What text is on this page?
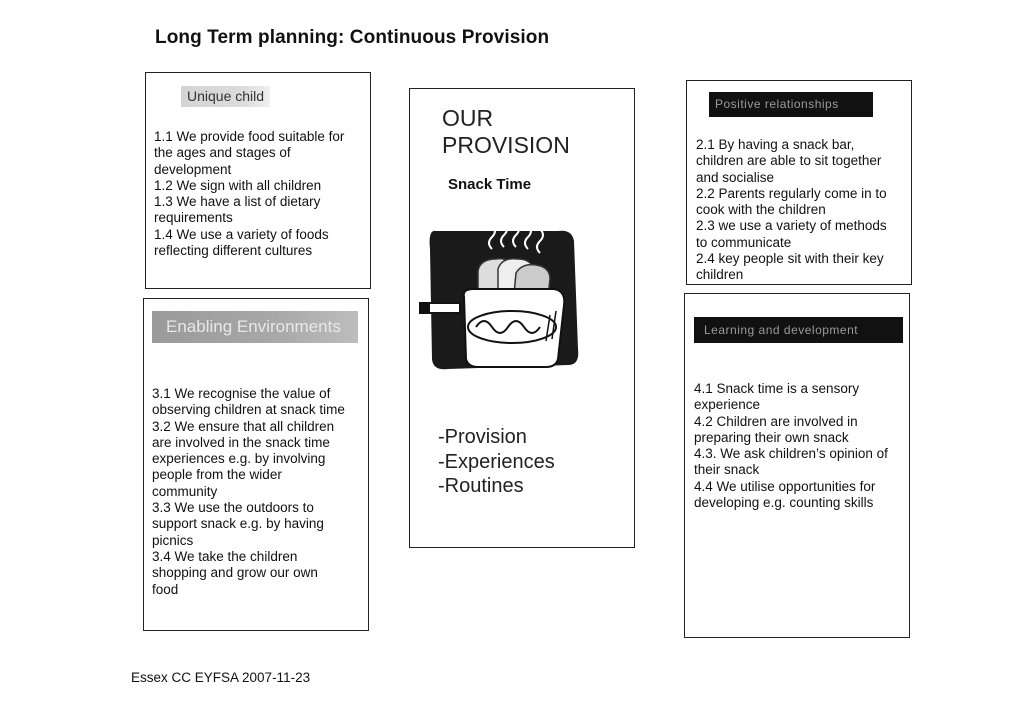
Long Term planning: Continuous Provision
Unique child

1.1 We provide food suitable for

the ages and stages of

development

1.2 We sign with all children

1.3 We have a list of dietary

requirements

1.4 We use a variety of foods

reflecting different cultures

Enabling Environments

3.1 We recognise the value of

observing children at snack time

3.2 We ensure that all children

are involved in the snack time

experiences e.g. by involving

people from the wider

community

3.3 We use the outdoors to

support snack e.g. by having

picnics

3.4 We take the children

shopping and grow our own

food

OUR
PROVISION
Snack Time
-Provision
-Experiences
-Routines
Positive relationships

2.1 By having a snack bar,

children are able to sit together

and socialise

2.2 Parents regularly come in to

cook with the children

2.3 we use a variety of methods

to communicate

2.4 key people sit with their key

children

Learning and development

4.1 Snack time is a sensory

experience

4.2 Children are involved in

preparing their own snack

4.3. We ask children’s opinion of

their snack

4.4 We utilise opportunities for

developing e.g. counting skills

Essex CC EYFSA 2007-11-23
